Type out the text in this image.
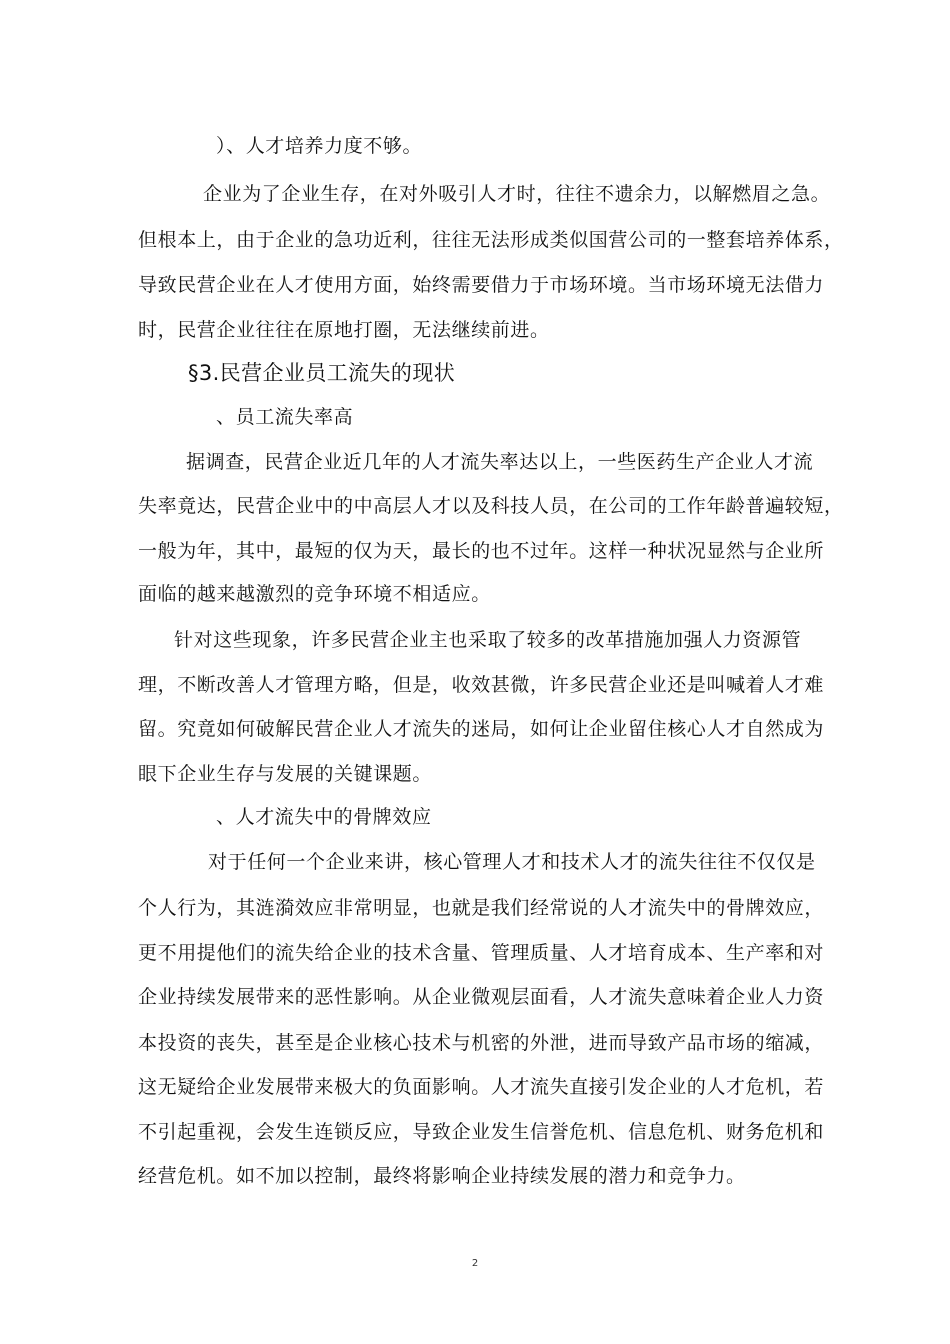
）、人才培养力度不够。
企业为了企业生存，在对外吸引人才时，往往不遗余力，以解燃眉之急。
但根本上，由于企业的急功近利，往往无法形成类似国营公司的一整套培养体系，
导致民营企业在人才使用方面，始终需要借力于市场环境。当市场环境无法借力
时，民营企业往往在原地打圈，无法继续前进。
§3.民营企业员工流失的现状
、员工流失率高
据调查，民营企业近几年的人才流失率达以上，一些医药生产企业人才流
失率竟达，民营企业中的中高层人才以及科技人员，在公司的工作年龄普遍较短，
一般为年，其中，最短的仅为天，最长的也不过年。这样一种状况显然与企业所
面临的越来越激烈的竞争环境不相适应。
针对这些现象，许多民营企业主也采取了较多的改革措施加强人力资源管
理，不断改善人才管理方略，但是，收效甚微，许多民营企业还是叫喊着人才难
留。究竟如何破解民营企业人才流失的迷局，如何让企业留住核心人才自然成为
眼下企业生存与发展的关键课题。
、人才流失中的骨牌效应
对于任何一个企业来讲，核心管理人才和技术人才的流失往往不仅仅是
个人行为，其涟漪效应非常明显，也就是我们经常说的人才流失中的骨牌效应，
更不用提他们的流失给企业的技术含量、管理质量、人才培育成本、生产率和对
企业持续发展带来的恶性影响。从企业微观层面看，人才流失意味着企业人力资
本投资的丧失，甚至是企业核心技术与机密的外泄，进而导致产品市场的缩减，
这无疑给企业发展带来极大的负面影响。人才流失直接引发企业的人才危机，若
不引起重视，会发生连锁反应，导致企业发生信誉危机、信息危机、财务危机和
经营危机。如不加以控制，最终将影响企业持续发展的潜力和竞争力。
2
